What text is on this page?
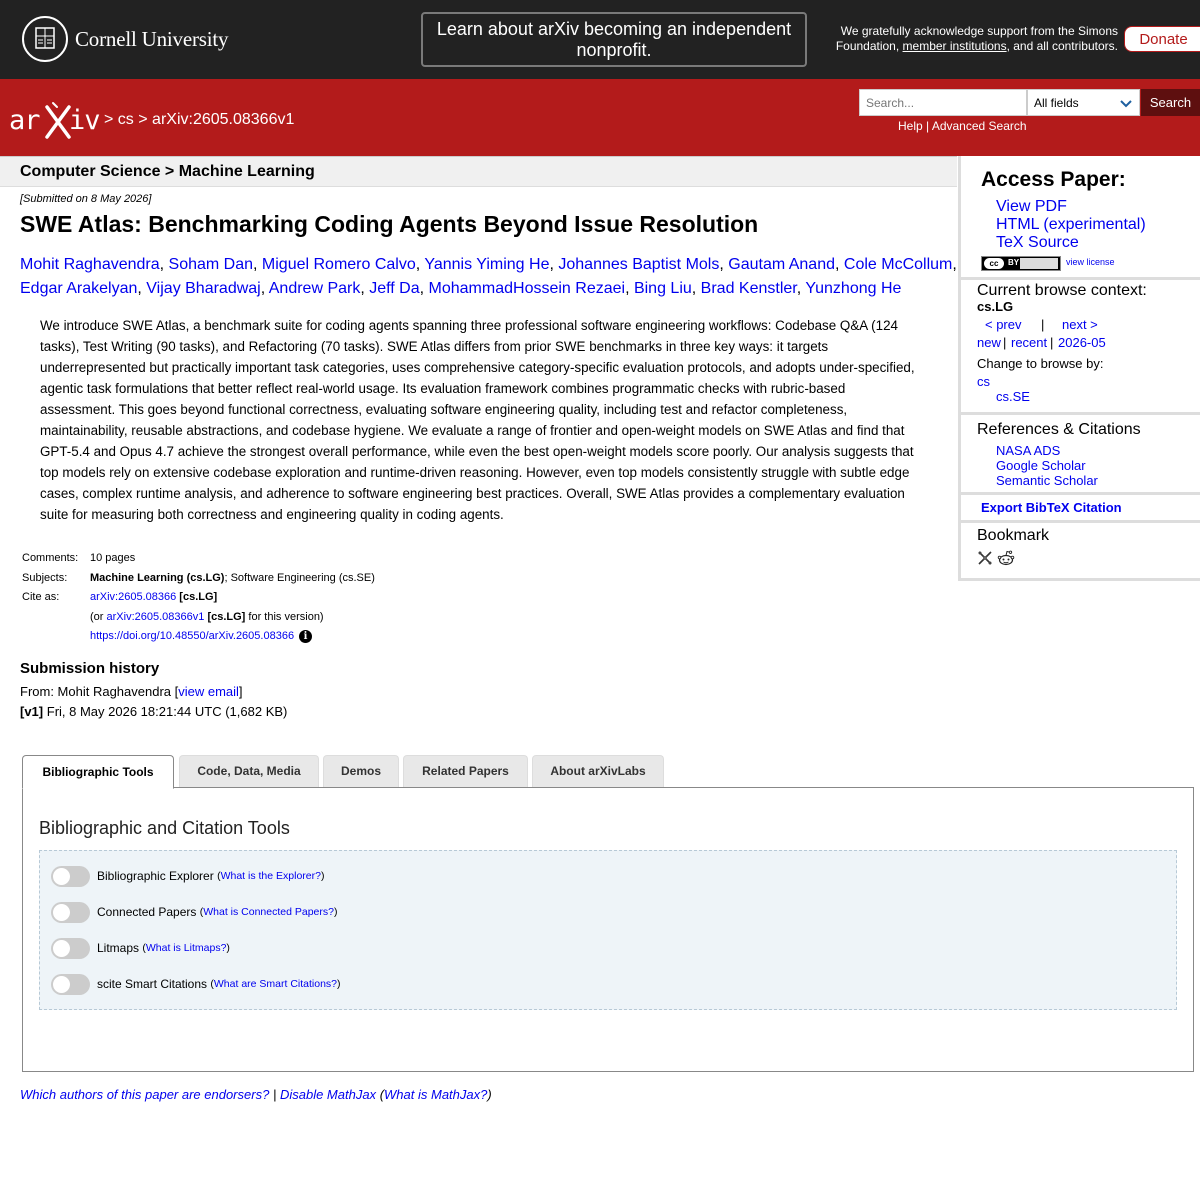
Cornell University	Learn about arXiv becoming an independent nonprofit.
We gratefully acknowledge support from the Simons Foundation, member institutions, and all contributors.	Donate
ar iv > cs > arXiv:2605.08366v1
Search...	All fields	Search
Help | Advanced Search
Computer Science > Machine Learning
[Submitted on 8 May 2026]
SWE Atlas: Benchmarking Coding Agents Beyond Issue Resolution
Mohit Raghavendra, Soham Dan, Miguel Romero Calvo, Yannis Yiming He, Johannes Baptist Mols, Gautam Anand, Cole McCollum,
Edgar Arakelyan, Vijay Bharadwaj, Andrew Park, Jeff Da, MohammadHossein Rezaei, Bing Liu, Brad Kenstler, Yunzhong He
We introduce SWE Atlas, a benchmark suite for coding agents spanning three professional software engineering workflows: Codebase Q&A (124 tasks), Test Writing (90 tasks), and Refactoring (70 tasks). SWE Atlas differs from prior SWE benchmarks in three key ways: it targets underrepresented but practically important task categories, uses comprehensive category-specific evaluation protocols, and adopts under-specified, agentic task formulations that better reflect real-world usage. Its evaluation framework combines programmatic checks with rubric-based assessment. This goes beyond functional correctness, evaluating software engineering quality, including test and refactor completeness, maintainability, reusable abstractions, and codebase hygiene. We evaluate a range of frontier and open-weight models on SWE Atlas and find that GPT-5.4 and Opus 4.7 achieve the strongest overall performance, while even the best open-weight models score poorly. Our analysis suggests that top models rely on extensive codebase exploration and runtime-driven reasoning. However, even top models consistently struggle with subtle edge cases, complex runtime analysis, and adherence to software engineering best practices. Overall, SWE Atlas provides a complementary evaluation suite for measuring both correctness and engineering quality in coding agents.
Comments:	10 pages
Subjects:	Machine Learning (cs.LG); Software Engineering (cs.SE)
Cite as:	arXiv:2605.08366 [cs.LG]
	(or arXiv:2605.08366v1 [cs.LG] for this version)
	https://doi.org/10.48550/arXiv.2605.08366 i
Submission history
From: Mohit Raghavendra [view email]
[v1] Fri, 8 May 2026 18:21:44 UTC (1,682 KB)
Bibliographic Tools	Code, Data, Media	Demos	Related Papers	About arXivLabs
Bibliographic and Citation Tools
Bibliographic Explorer
( What is the Explorer? )
Connected Papers
( What is Connected Papers? )
Litmaps
( What is Litmaps? )
scite Smart Citations
( What are Smart Citations? )
Which authors of this paper are endorsers? | Disable MathJax (What is MathJax?)
Access Paper:
View PDF
HTML (experimental)
TeX Source
cc	BY	view license
Current browse context:
cs.LG
< prev | next >
new | recent | 2026-05
Change to browse by:
cs
cs.SE
References & Citations
NASA ADS
Google Scholar
Semantic Scholar
Export BibTeX Citation
Bookmark
